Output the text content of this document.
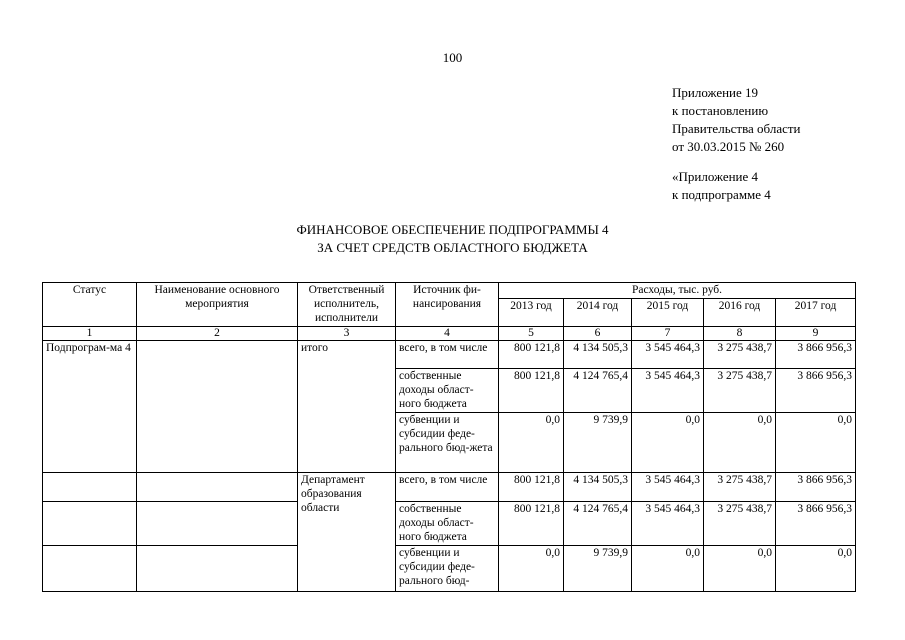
100
Приложение 19
к постановлению
Правительства области
от 30.03.2015 № 260
«Приложение 4
к подпрограмме 4
ФИНАНСОВОЕ ОБЕСПЕЧЕНИЕ ПОДПРОГРАММЫ 4
ЗА СЧЕТ СРЕДСТВ ОБЛАСТНОГО БЮДЖЕТА
Статус	Наименование основного мероприятия	Ответственный исполнитель, исполнители	Источник фи-нансирования	Расходы, тыс. руб.				
				2013 год	2014 год	2015 год	2016 год	2017 год
1	2	3	4	5	6	7	8	9
Подпрограм-ма 4		итого	всего, в том числе	800 121,8	4 134 505,3	3 545 464,3	3 275 438,7	3 866 956,3
			собственные доходы област-ного бюджета	800 121,8	4 124 765,4	3 545 464,3	3 275 438,7	3 866 956,3
			субвенции и субсидии феде-рального бюд-жета	0,0	9 739,9	0,0	0,0	0,0
		Департамент образования области	всего, в том числе	800 121,8	4 134 505,3	3 545 464,3	3 275 438,7	3 866 956,3
			собственные доходы област-ного бюджета	800 121,8	4 124 765,4	3 545 464,3	3 275 438,7	3 866 956,3
			субвенции и субсидии феде-рального бюд-	0,0	9 739,9	0,0	0,0	0,0
